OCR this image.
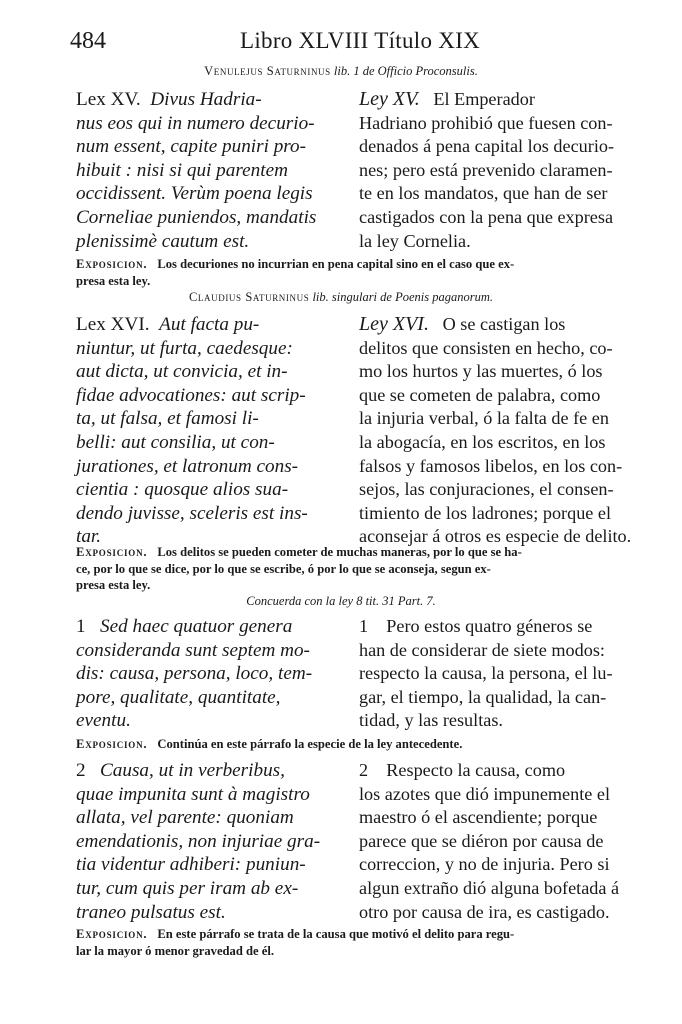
484	Libro XLVIII Título XIX
Venulejus Saturninus lib. 1 de Officio Proconsulis.
Lex XV. Divus Hadria-
nus eos qui in numero decurio-
num essent, capite puniri pro-
hibuit : nisi si qui parentem
occidissent. Verùm poena legis
Corneliae puniendos, mandatis
plenissimè cautum est.
Ley XV. El Emperador
Hadriano prohibió que fuesen con-
denados á pena capital los decurio-
nes; pero está prevenido claramen-
te en los mandatos, que han de ser
castigados con la pena que expresa
la ley Cornelia.
Exposicion. Los decuriones no incurrian en pena capital sino en el caso que ex-
presa esta ley.
Claudius Saturninus lib. singulari de Poenis paganorum.
Lex XVI. Aut facta pu-
niuntur, ut furta, caedesque:
aut dicta, ut convicia, et in-
fidae advocationes: aut scrip-
ta, ut falsa, et famosi li-
belli: aut consilia, ut con-
jurationes, et latronum cons-
cientia : quosque alios sua-
dendo juvisse, sceleris est ins-
tar.
Ley XVI. O se castigan los
delitos que consisten en hecho, co-
mo los hurtos y las muertes, ó los
que se cometen de palabra, como
la injuria verbal, ó la falta de fe en
la abogacía, en los escritos, en los
falsos y famosos libelos, en los con-
sejos, las conjuraciones, el consen-
timiento de los ladrones; porque el
aconsejar á otros es especie de delito.
Exposicion. Los delitos se pueden cometer de muchas maneras, por lo que se ha-
ce, por lo que se dice, por lo que se escribe, ó por lo que se aconseja, segun ex-
presa esta ley.
Concuerda con la ley 8 tit. 31 Part. 7.
1 Sed haec quatuor genera
consideranda sunt septem mo-
dis: causa, persona, loco, tem-
pore, qualitate, quantitate,
eventu.
1 Pero estos quatro géneros se
han de considerar de siete modos:
respecto la causa, la persona, el lu-
gar, el tiempo, la qualidad, la can-
tidad, y las resultas.
Exposicion. Continúa en este párrafo la especie de la ley antecedente.
2 Causa, ut in verberibus,
quae impunita sunt à magistro
allata, vel parente: quoniam
emendationis, non injuriae gra-
tia videntur adhiberi: puniun-
tur, cum quis per iram ab ex-
traneo pulsatus est.
2 Respecto la causa, como
los azotes que dió impunemente el
maestro ó el ascendiente; porque
parece que se diéron por causa de
correccion, y no de injuria. Pero si
algun extraño dió alguna bofetada á
otro por causa de ira, es castigado.
Exposicion. En este párrafo se trata de la causa que motivó el delito para regu-
lar la mayor ó menor gravedad de él.
